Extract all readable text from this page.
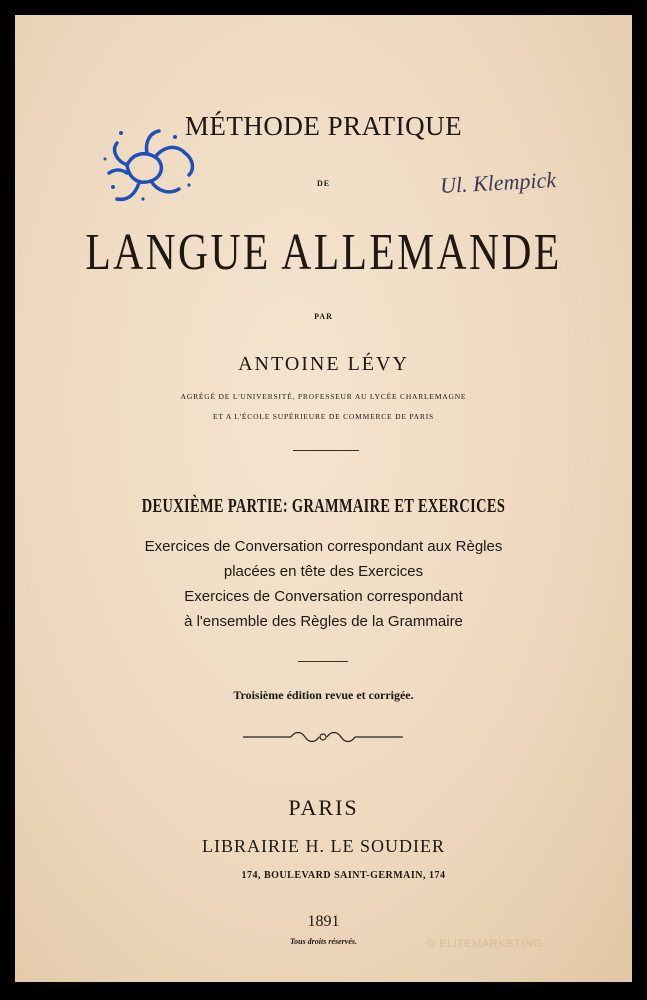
Ul. Klempick
MÉTHODE PRATIQUE
DE
LANGUE ALLEMANDE
PAR
ANTOINE LÉVY
AGRÉGÉ DE L'UNIVERSITÉ, PROFESSEUR AU LYCÉE CHARLEMAGNE
ET A L'ÉCOLE SUPÉRIEURE DE COMMERCE DE PARIS
DEUXIÈME PARTIE: GRAMMAIRE ET EXERCICES
Exercices de Conversation correspondant aux Règles
placées en tête des Exercices
Exercices de Conversation correspondant
à l'ensemble des Règles de la Grammaire
Troisième édition revue et corrigée.
PARIS
LIBRAIRIE H. LE SOUDIER
174, BOULEVARD SAINT-GERMAIN, 174
1891
Tous droits réservés.	© ELITEMARKETING
